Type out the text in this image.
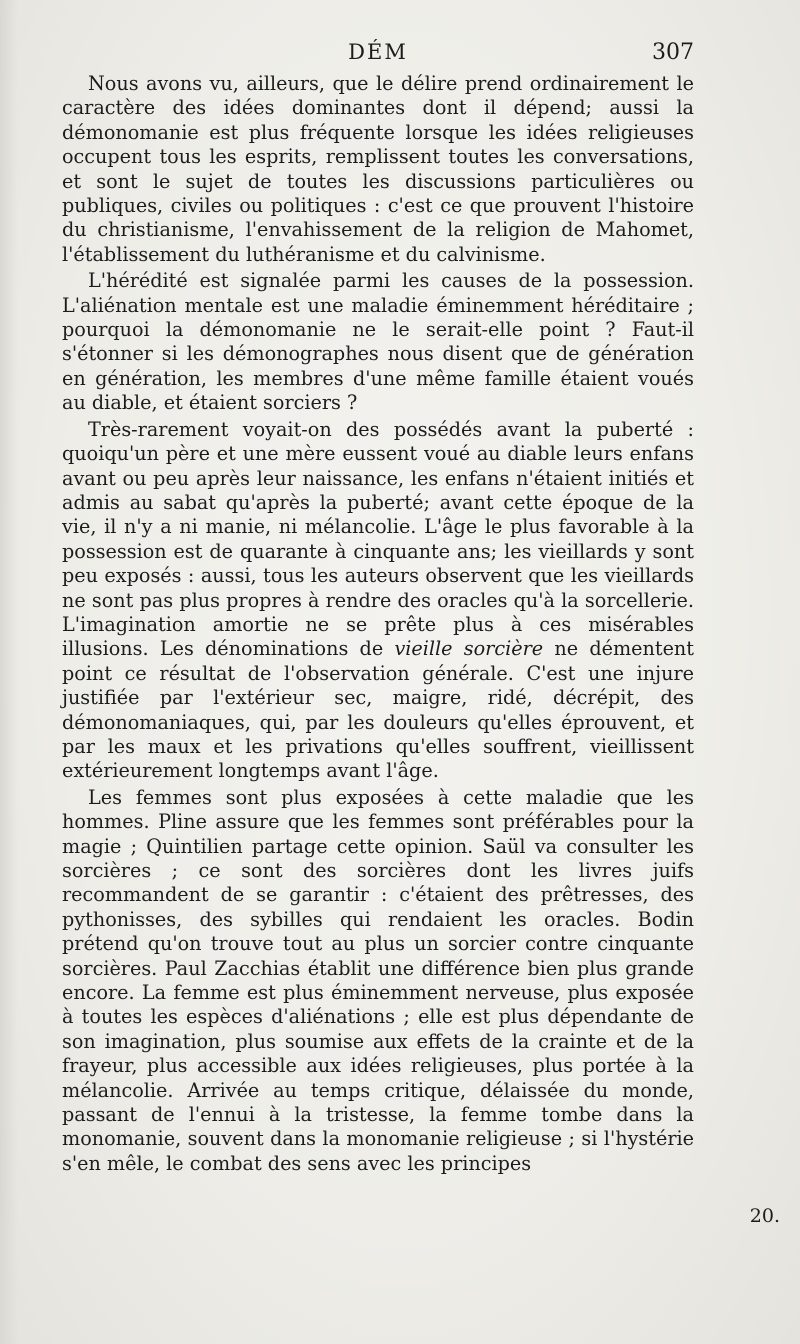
DÉM	307

Nous avons vu, ailleurs, que le délire prend ordinairement le caractère des idées dominantes dont il dépend; aussi la démonomanie est plus fréquente lorsque les idées religieuses occupent tous les esprits, remplissent toutes les conversations, et sont le sujet de toutes les discussions particulières ou publiques, civiles ou politiques : c'est ce que prouvent l'histoire du christianisme, l'envahissement de la religion de Mahomet, l'établissement du luthéranisme et du calvinisme.

L'hérédité est signalée parmi les causes de la possession. L'aliénation mentale est une maladie éminemment héréditaire ; pourquoi la démonomanie ne le serait-elle point ? Faut-il s'étonner si les démonographes nous disent que de génération en génération, les membres d'une même famille étaient voués au diable, et étaient sorciers ?

Très-rarement voyait-on des possédés avant la puberté : quoiqu'un père et une mère eussent voué au diable leurs enfans avant ou peu après leur naissance, les enfans n'étaient initiés et admis au sabat qu'après la puberté; avant cette époque de la vie, il n'y a ni manie, ni mélancolie. L'âge le plus favorable à la possession est de quarante à cinquante ans; les vieillards y sont peu exposés : aussi, tous les auteurs observent que les vieillards ne sont pas plus propres à rendre des oracles qu'à la sorcellerie. L'imagination amortie ne se prête plus à ces misérables illusions. Les dénominations de vieille sorcière ne démentent point ce résultat de l'observation générale. C'est une injure justifiée par l'extérieur sec, maigre, ridé, décrépit, des démonomaniaques, qui, par les douleurs qu'elles éprouvent, et par les maux et les privations qu'elles souffrent, vieillissent extérieurement longtemps avant l'âge.

Les femmes sont plus exposées à cette maladie que les hommes. Pline assure que les femmes sont préférables pour la magie ; Quintilien partage cette opinion. Saül va consulter les sorcières ; ce sont des sorcières dont les livres juifs recommandent de se garantir : c'étaient des prêtresses, des pythonisses, des sybilles qui rendaient les oracles. Bodin prétend qu'on trouve tout au plus un sorcier contre cinquante sorcières. Paul Zacchias établit une différence bien plus grande encore. La femme est plus éminemment nerveuse, plus exposée à toutes les espèces d'aliénations ; elle est plus dépendante de son imagination, plus soumise aux effets de la crainte et de la frayeur, plus accessible aux idées religieuses, plus portée à la mélancolie. Arrivée au temps critique, délaissée du monde, passant de l'ennui à la tristesse, la femme tombe dans la monomanie, souvent dans la monomanie religieuse ; si l'hystérie s'en mêle, le combat des sens avec les principes

20.
